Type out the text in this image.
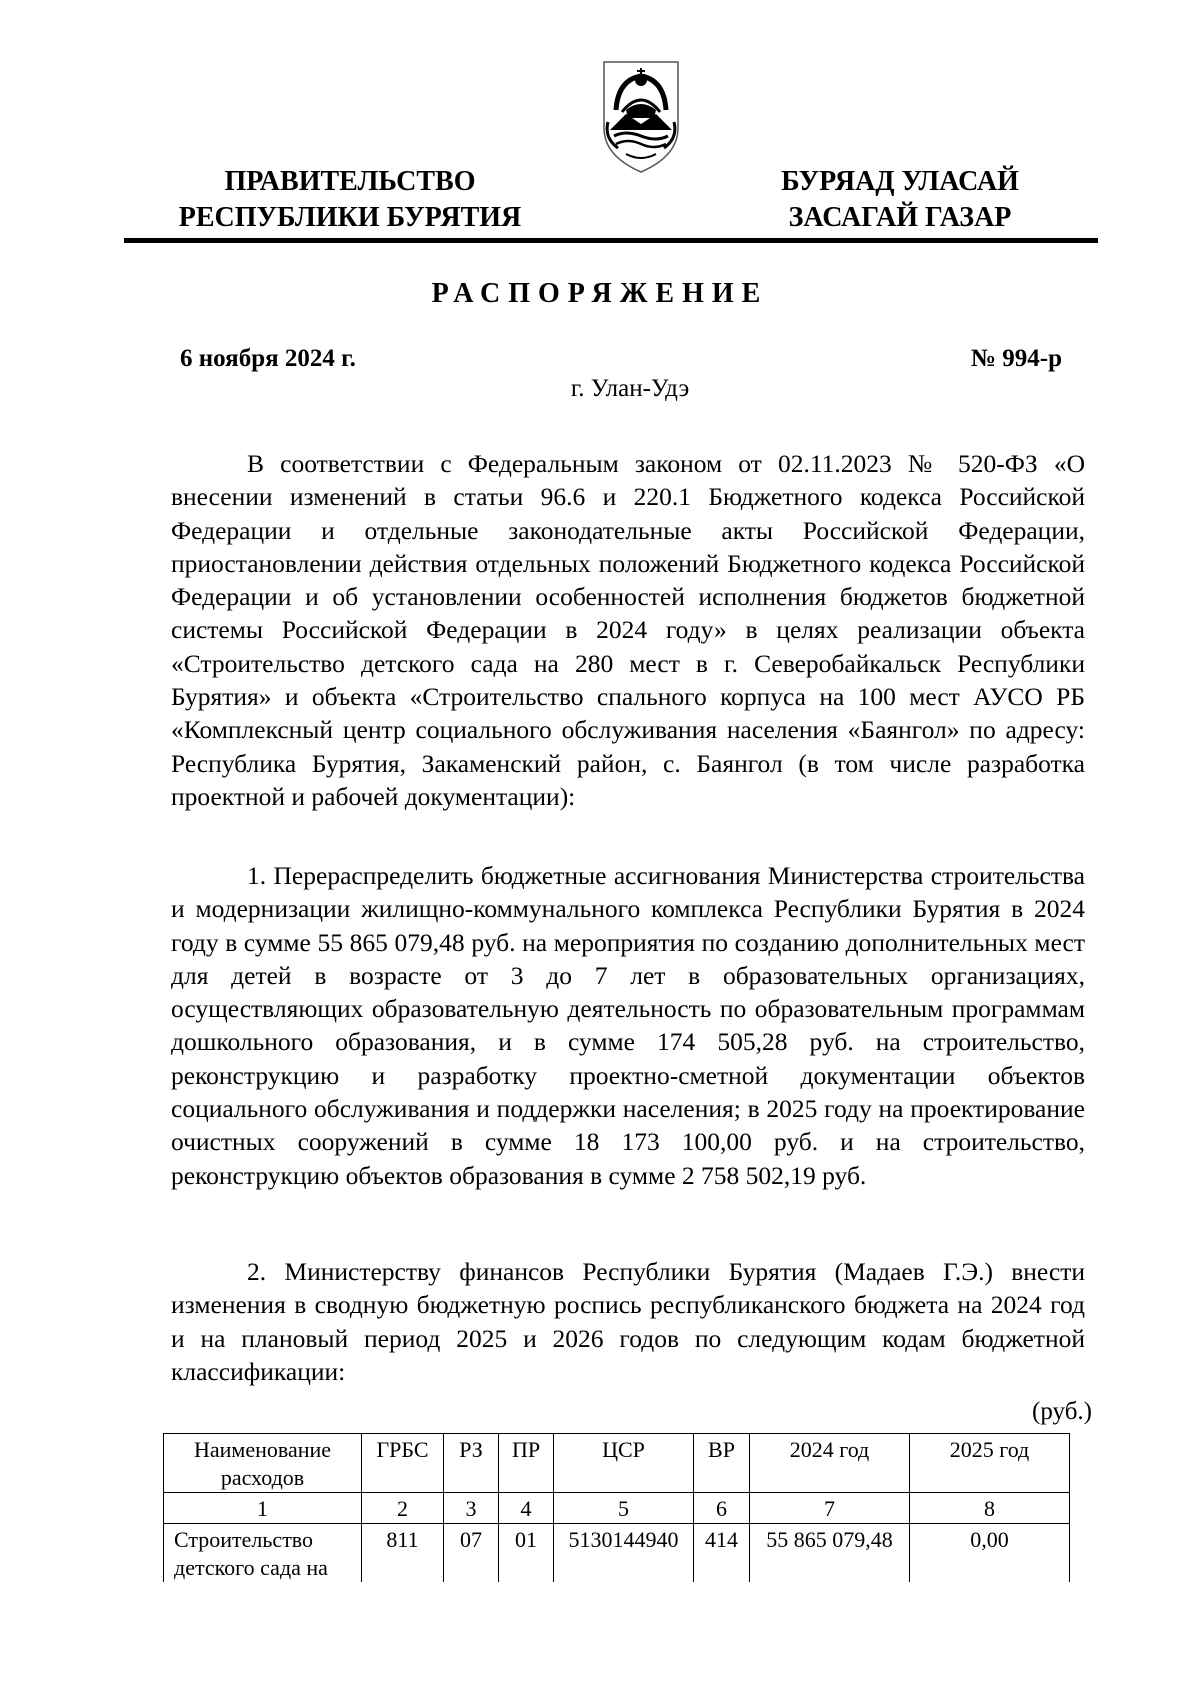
ПРАВИТЕЛЬСТВО
РЕСПУБЛИКИ БУРЯТИЯ
БУРЯАД УЛАСАЙ
ЗАСАГАЙ ГАЗАР
РАСПОРЯЖЕНИЕ
6 ноября 2024 г.	№ 994-р
г. Улан-Удэ

В соответствии с Федеральным законом от 02.11.2023 № 520-ФЗ «О внесении изменений в статьи 96.6 и 220.1 Бюджетного кодекса Российской Федерации и отдельные законодательные акты Российской Федерации, приостановлении действия отдельных положений Бюджетного кодекса Российской Федерации и об установлении особенностей исполнения бюджетов бюджетной системы Российской Федерации в 2024 году» в целях реализации объекта «Строительство детского сада на 280 мест в г. Северобайкальск Республики Бурятия» и объекта «Строительство спального корпуса на 100 мест АУСО РБ «Комплексный центр социального обслуживания населения «Баянгол» по адресу: Республика Бурятия, Закаменский район, с. Баянгол (в том числе разработка проектной и рабочей документации):

1. Перераспределить бюджетные ассигнования Министерства строительства и модернизации жилищно-коммунального комплекса Республики Бурятия в 2024 году в сумме 55 865 079,48 руб. на мероприятия по созданию дополнительных мест для детей в возрасте от 3 до 7 лет в образовательных организациях, осуществляющих образовательную деятельность по образовательным программам дошкольного образования, и в сумме 174 505,28 руб. на строительство, реконструкцию и разработку проектно-сметной документации объектов социального обслуживания и поддержки населения; в 2025 году на проектирование очистных сооружений в сумме 18 173 100,00 руб. и на строительство, реконструкцию объектов образования в сумме 2 758 502,19 руб.

2. Министерству финансов Республики Бурятия (Мадаев Г.Э.) внести изменения в сводную бюджетную роспись республиканского бюджета на 2024 год и на плановый период 2025 и 2026 годов по следующим кодам бюджетной классификации:

(руб.)
Наименование расходов	ГРБС	РЗ	ПР	ЦСР	ВР	2024 год	2025 год
1	2	3	4	5	6	7	8
Строительство детского сада на	811	07	01	5130144940	414	55 865 079,48	0,00
